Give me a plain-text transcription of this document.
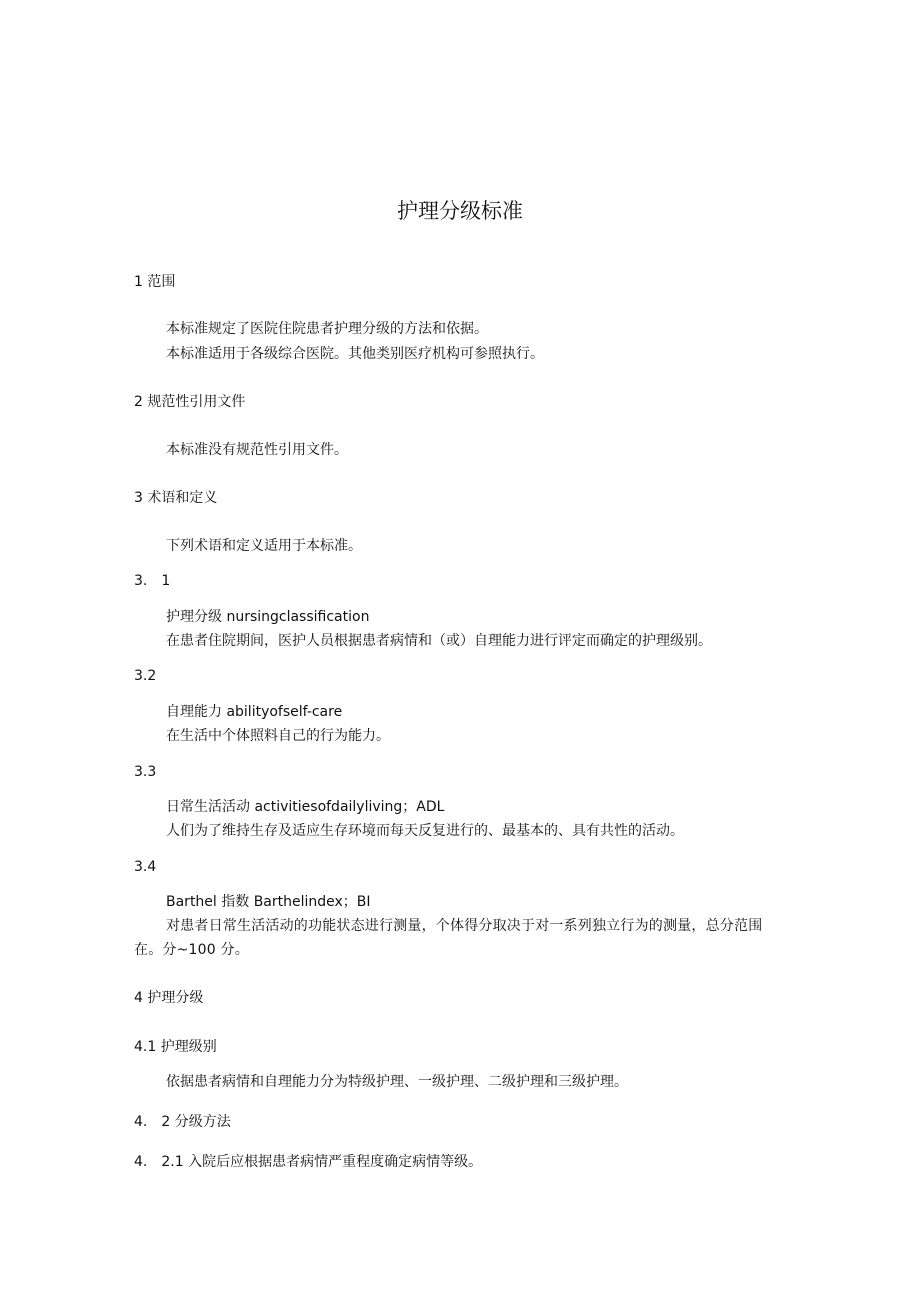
护理分级标准
1 范围
本标准规定了医院住院患者护理分级的方法和依据。
本标准适用于各级综合医院。其他类别医疗机构可参照执行。
2 规范性引用文件
本标准没有规范性引用文件。
3 术语和定义
下列术语和定义适用于本标准。
3.　1
护理分级 nursingclassification
在患者住院期间，医护人员根据患者病情和（或）自理能力进行评定而确定的护理级别。
3.2
自理能力 abilityofself-care
在生活中个体照料自己的行为能力。
3.3
日常生活活动 activitiesofdailyliving；ADL
人们为了维持生存及适应生存环境而每天反复进行的、最基本的、具有共性的活动。
3.4
Barthel 指数 Barthelindex；BI
对患者日常生活活动的功能状态进行测量，个体得分取决于对一系列独立行为的测量，总分范围在。分~100 分。
4 护理分级
4.1 护理级别
依据患者病情和自理能力分为特级护理、一级护理、二级护理和三级护理。
4.　2 分级方法
4.　2.1 入院后应根据患者病情严重程度确定病情等级。
